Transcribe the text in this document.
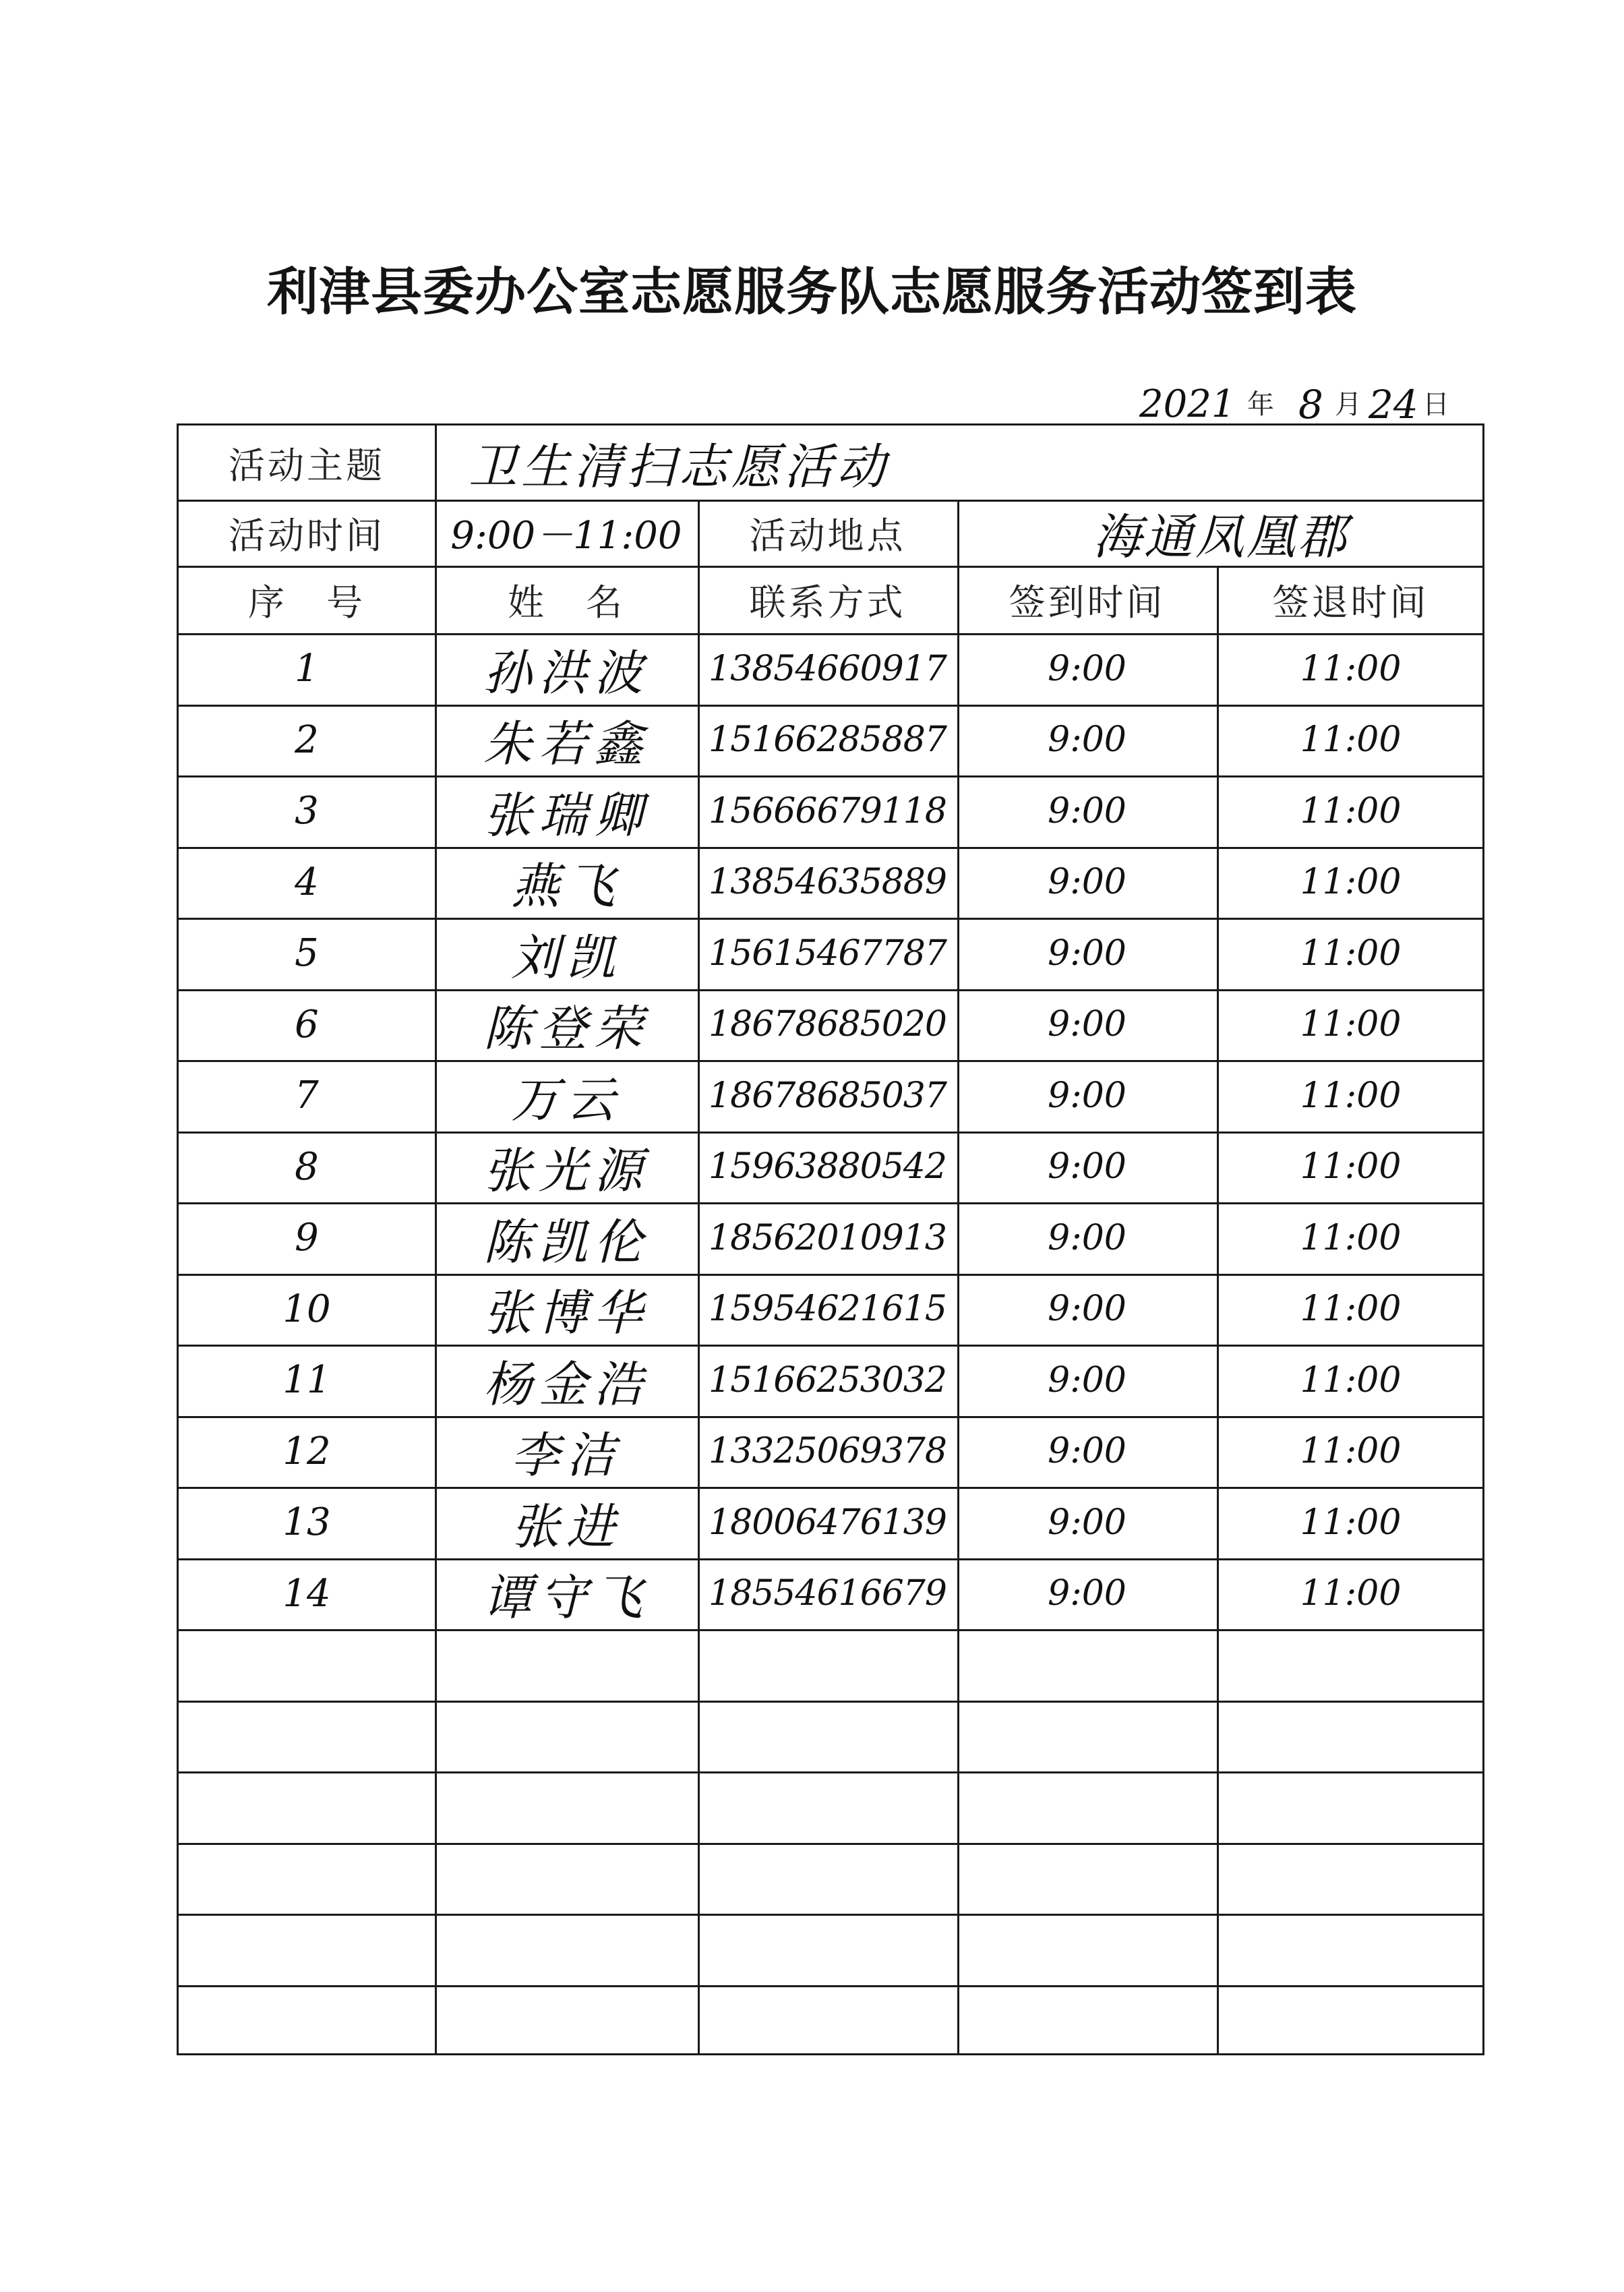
利津县委办公室志愿服务队志愿服务活动签到表
2021 年 8 月 24 日
活动主题	卫生清扫志愿活动
活动时间	9:00－11:00	活动地点	海通凤凰郡
序　号	姓　名	联系方式	签到时间	签退时间
1	孙洪波	13854660917	9:00	11:00
2	朱若鑫	15166285887	9:00	11:00
3	张瑞卿	15666679118	9:00	11:00
4	燕飞	13854635889	9:00	11:00
5	刘凯	15615467787	9:00	11:00
6	陈登荣	18678685020	9:00	11:00
7	万云	18678685037	9:00	11:00
8	张光源	15963880542	9:00	11:00
9	陈凯伦	18562010913	9:00	11:00
10	张博华	15954621615	9:00	11:00
11	杨金浩	15166253032	9:00	11:00
12	李洁	13325069378	9:00	11:00
13	张进	18006476139	9:00	11:00
14	谭守飞	18554616679	9:00	11:00
